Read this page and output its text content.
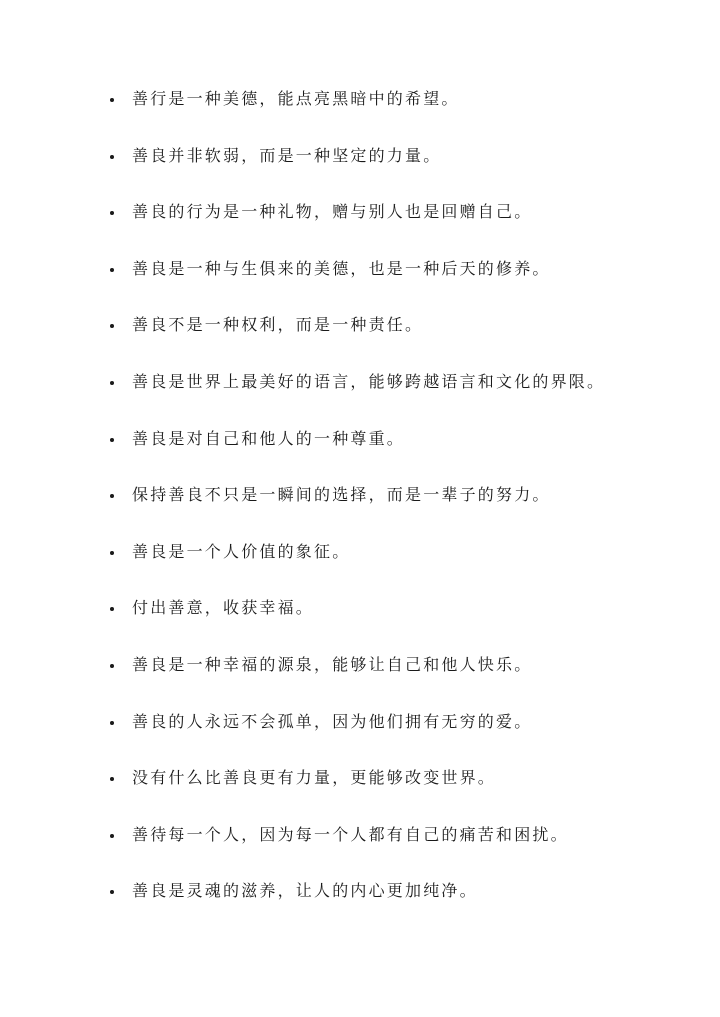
善行是一种美德，能点亮黑暗中的希望。
善良并非软弱，而是一种坚定的力量。
善良的行为是一种礼物，赠与别人也是回赠自己。
善良是一种与生俱来的美德，也是一种后天的修养。
善良不是一种权利，而是一种责任。
善良是世界上最美好的语言，能够跨越语言和文化的界限。
善良是对自己和他人的一种尊重。
保持善良不只是一瞬间的选择，而是一辈子的努力。
善良是一个人价值的象征。
付出善意，收获幸福。
善良是一种幸福的源泉，能够让自己和他人快乐。
善良的人永远不会孤单，因为他们拥有无穷的爱。
没有什么比善良更有力量，更能够改变世界。
善待每一个人，因为每一个人都有自己的痛苦和困扰。
善良是灵魂的滋养，让人的内心更加纯净。
